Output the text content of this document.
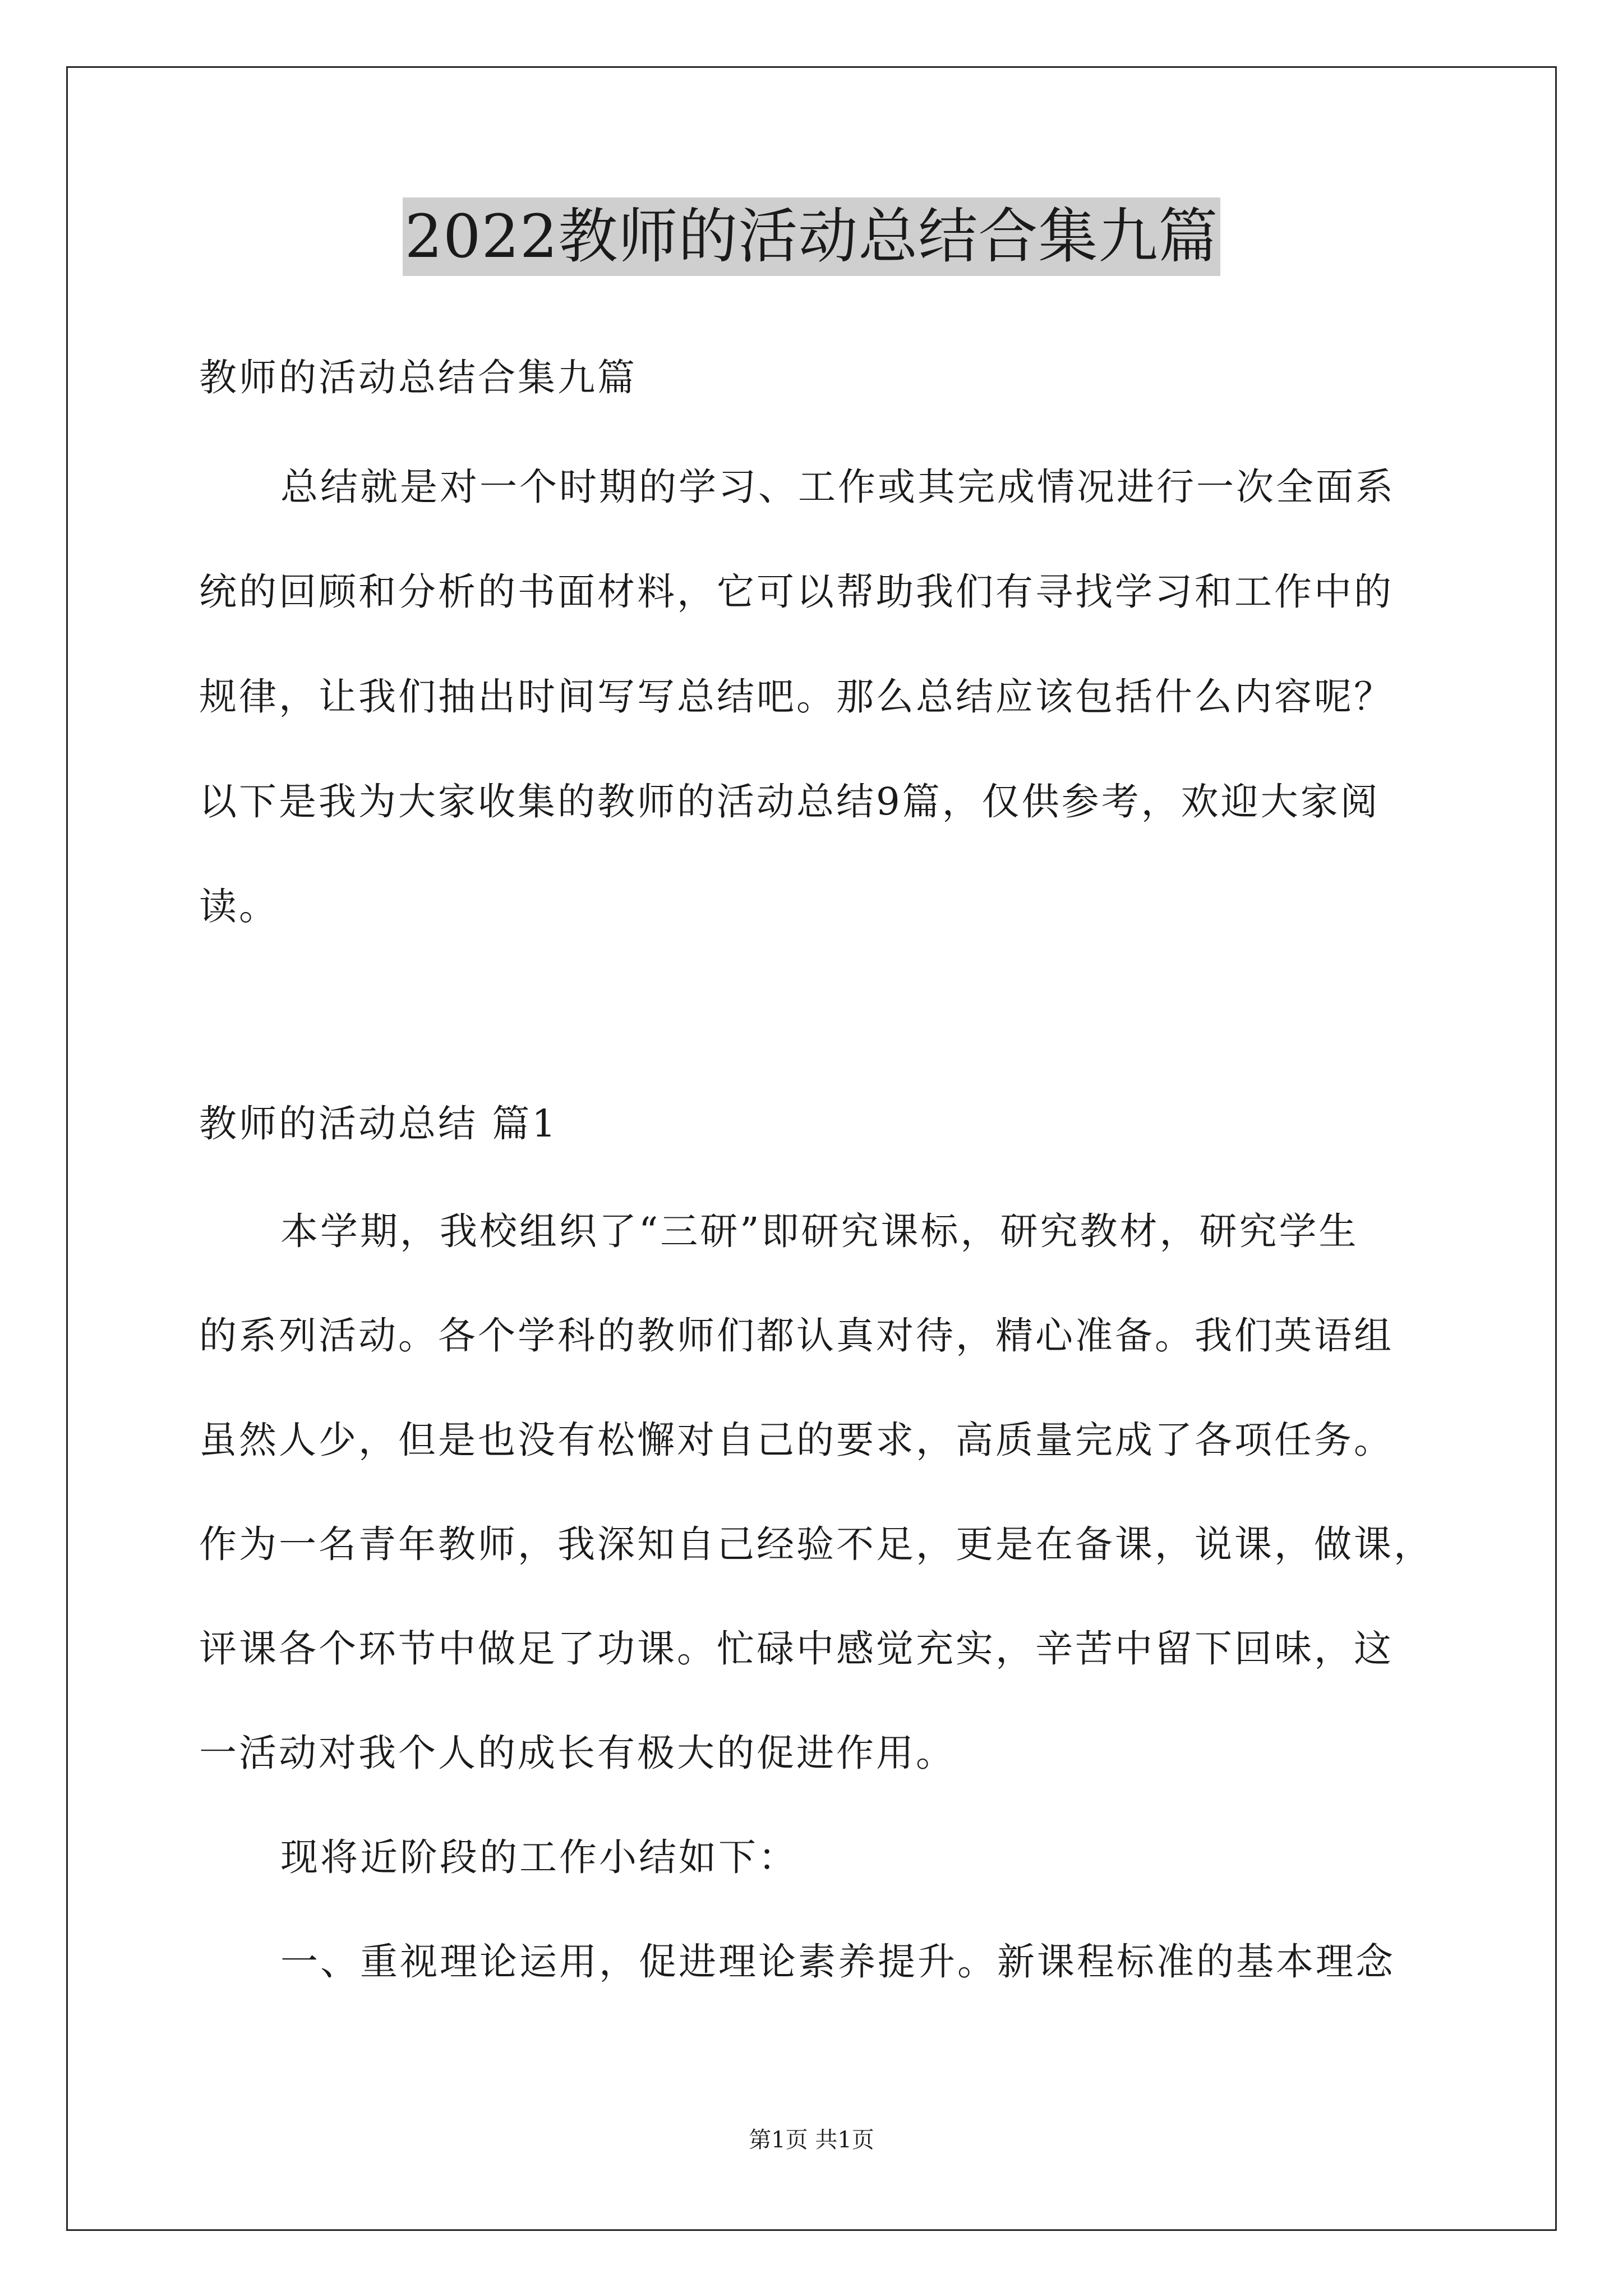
2022教师的活动总结合集九篇
教师的活动总结合集九篇
总结就是对一个时期的学习、工作或其完成情况进行一次全面系
统的回顾和分析的书面材料，它可以帮助我们有寻找学习和工作中的
规律，让我们抽出时间写写总结吧。那么总结应该包括什么内容呢？
以下是我为大家收集的教师的活动总结9篇，仅供参考，欢迎大家阅
读。
教师的活动总结 篇1
本学期，我校组织了“三研”即研究课标，研究教材，研究学生
的系列活动。各个学科的教师们都认真对待，精心准备。我们英语组
虽然人少，但是也没有松懈对自己的要求，高质量完成了各项任务。
作为一名青年教师，我深知自己经验不足，更是在备课，说课，做课，
评课各个环节中做足了功课。忙碌中感觉充实，辛苦中留下回味，这
一活动对我个人的成长有极大的促进作用。
现将近阶段的工作小结如下：
一、重视理论运用，促进理论素养提升。新课程标准的基本理念
第1页 共1页
